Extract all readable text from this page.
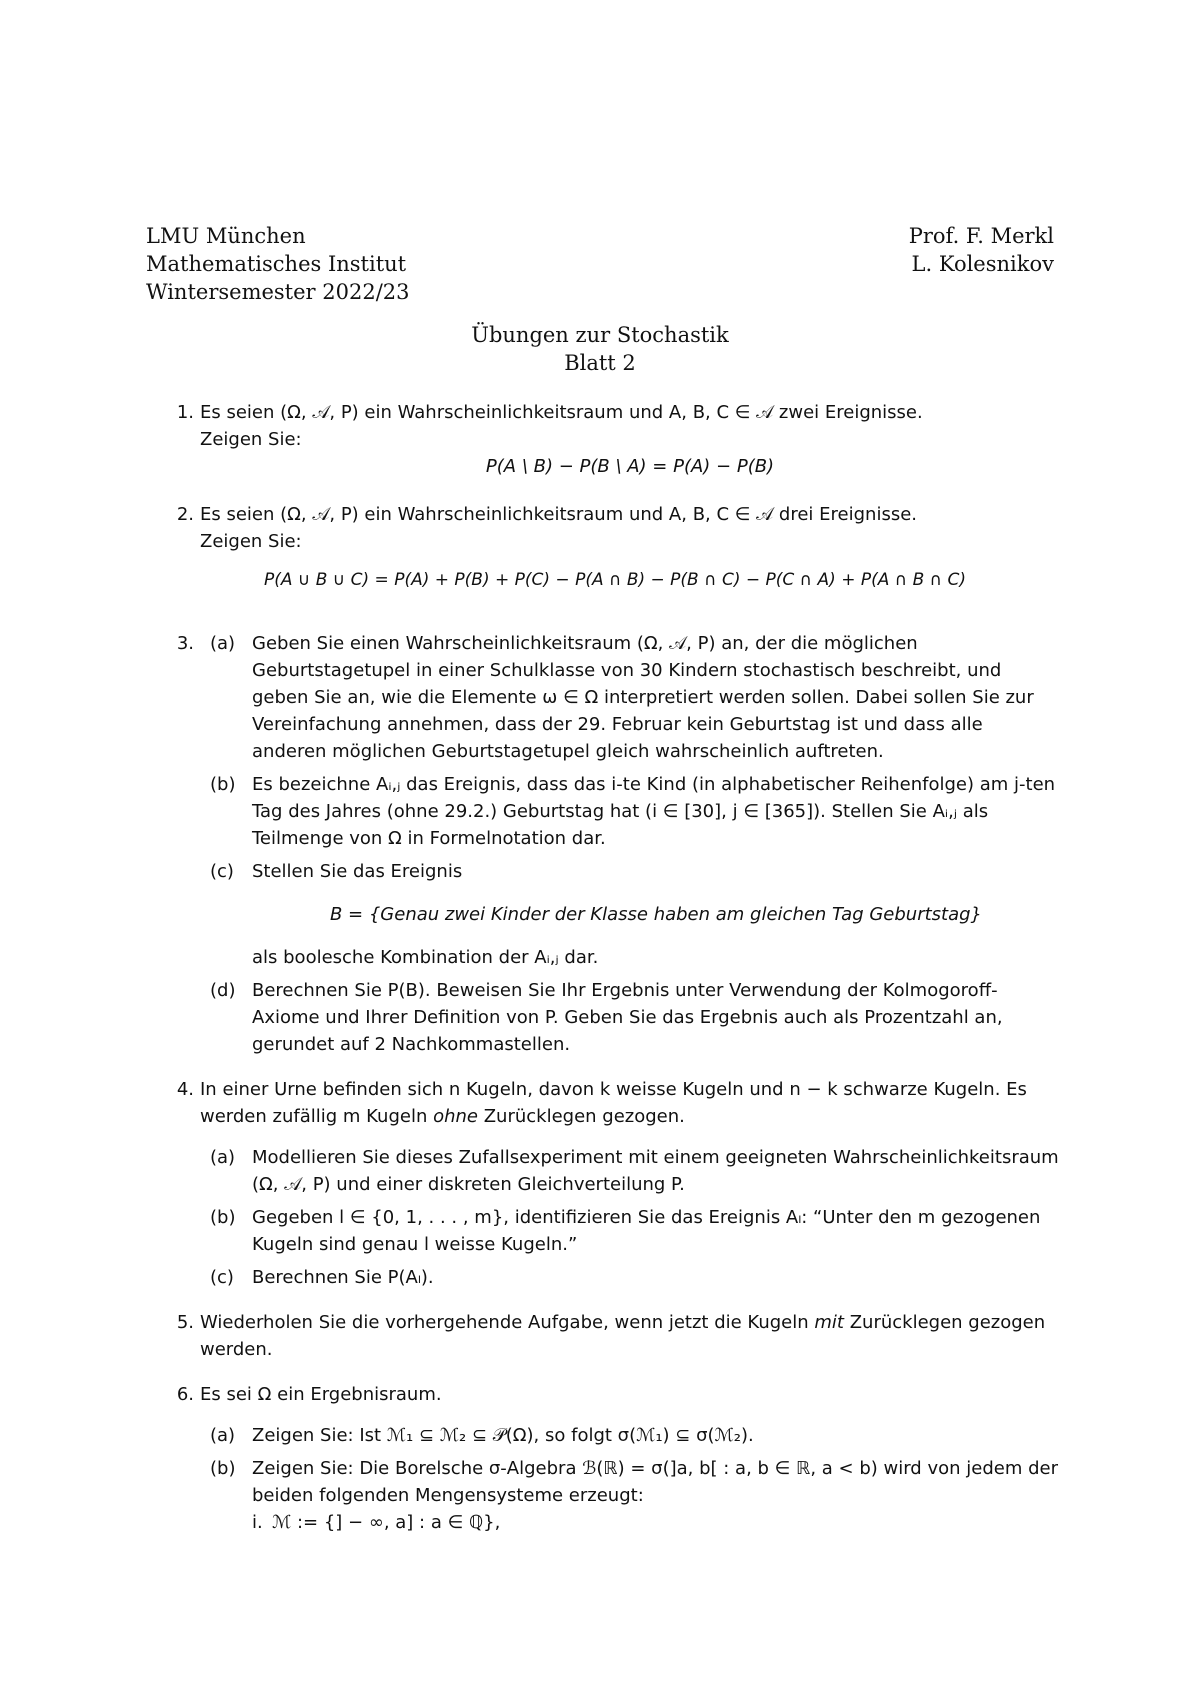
LMU München
Mathematisches Institut
Wintersemester 2022/23
Prof. F. Merkl
L. Kolesnikov
Übungen zur Stochastik
Blatt 2
1. Es seien (Ω, 𝒜, P) ein Wahrscheinlichkeitsraum und A, B, C ∈ 𝒜 zwei Ereignisse.

Zeigen Sie:

P(A \ B) − P(B \ A) = P(A) − P(B)

2. Es seien (Ω, 𝒜, P) ein Wahrscheinlichkeitsraum und A, B, C ∈ 𝒜 drei Ereignisse.

Zeigen Sie:

P(A ∪ B ∪ C) = P(A) + P(B) + P(C) − P(A ∩ B) − P(B ∩ C) − P(C ∩ A) + P(A ∩ B ∩ C)

3. (a) Geben Sie einen Wahrscheinlichkeitsraum (Ω, 𝒜, P) an, der die möglichen Geburtstagetupel in einer Schulklasse von 30 Kindern stochastisch beschreibt, und geben Sie an, wie die Elemente ω ∈ Ω interpretiert werden sollen. Dabei sollen Sie zur Vereinfachung annehmen, dass der 29. Februar kein Geburtstag ist und dass alle anderen möglichen Geburtstagetupel gleich wahrscheinlich auftreten.

(b) Es bezeichne Aᵢ,ⱼ das Ereignis, dass das i-te Kind (in alphabetischer Reihenfolge) am j-ten Tag des Jahres (ohne 29.2.) Geburtstag hat (i ∈ [30], j ∈ [365]). Stellen Sie Aᵢ,ⱼ als Teilmenge von Ω in Formelnotation dar.

(c) Stellen Sie das Ereignis

B = {Genau zwei Kinder der Klasse haben am gleichen Tag Geburtstag}

als boolesche Kombination der Aᵢ,ⱼ dar.

(d) Berechnen Sie P(B). Beweisen Sie Ihr Ergebnis unter Verwendung der Kolmogoroff-Axiome und Ihrer Definition von P. Geben Sie das Ergebnis auch als Prozentzahl an, gerundet auf 2 Nachkommastellen.

4. In einer Urne befinden sich n Kugeln, davon k weisse Kugeln und n − k schwarze Kugeln. Es werden zufällig m Kugeln ohne Zurücklegen gezogen.

(a) Modellieren Sie dieses Zufallsexperiment mit einem geeigneten Wahrscheinlichkeitsraum (Ω, 𝒜, P) und einer diskreten Gleichverteilung P.

(b) Gegeben l ∈ {0, 1, . . . , m}, identifizieren Sie das Ereignis Aₗ: “Unter den m gezogenen Kugeln sind genau l weisse Kugeln.”

(c) Berechnen Sie P(Aₗ).

5. Wiederholen Sie die vorhergehende Aufgabe, wenn jetzt die Kugeln mit Zurücklegen gezogen werden.

6. Es sei Ω ein Ergebnisraum.

(a) Zeigen Sie: Ist ℳ₁ ⊆ ℳ₂ ⊆ 𝒫(Ω), so folgt σ(ℳ₁) ⊆ σ(ℳ₂).

(b) Zeigen Sie: Die Borelsche σ-Algebra ℬ(ℝ) = σ(]a, b[ : a, b ∈ ℝ, a < b) wird von jedem der beiden folgenden Mengensysteme erzeugt:

i. ℳ := {] − ∞, a] : a ∈ ℚ},
